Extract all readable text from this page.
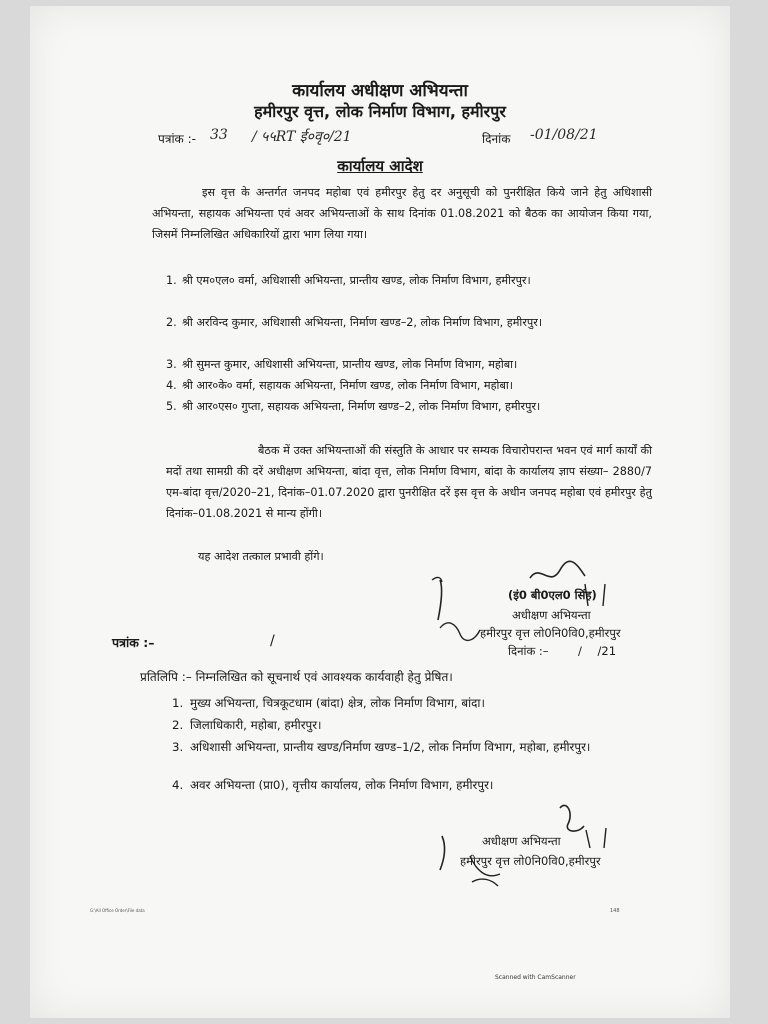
कार्यालय अधीक्षण अभियन्ता
हमीरपुर वृत्त, लोक निर्माण विभाग, हमीरपुर
पत्रांक :- 33 / ५५RT ई०वृ०/21	दिनांक -01/08/21
कार्यालय आदेश
इस वृत्त के अन्तर्गत जनपद महोबा एवं हमीरपुर हेतु दर अनुसूची को पुनरीक्षित किये जाने हेतु अधिशासी अभियन्ता, सहायक अभियन्ता एवं अवर अभियन्ताओं के साथ दिनांक 01.08.2021 को बैठक का आयोजन किया गया, जिसमें निम्नलिखित अधिकारियों द्वारा भाग लिया गया।
1. श्री एम०एल० वर्मा, अधिशासी अभियन्ता, प्रान्तीय खण्ड, लोक निर्माण विभाग, हमीरपुर।
2. श्री अरविन्द कुमार, अधिशासी अभियन्ता, निर्माण खण्ड–2, लोक निर्माण विभाग, हमीरपुर।
3. श्री सुमन्त कुमार, अधिशासी अभियन्ता, प्रान्तीय खण्ड, लोक निर्माण विभाग, महोबा।
4. श्री आर०के० वर्मा, सहायक अभियन्ता, निर्माण खण्ड, लोक निर्माण विभाग, महोबा।
5. श्री आर०एस० गुप्ता, सहायक अभियन्ता, निर्माण खण्ड–2, लोक निर्माण विभाग, हमीरपुर।
बैठक में उक्त अभियन्ताओं की संस्तुति के आधार पर सम्यक विचारोपरान्त भवन एवं मार्ग कार्यों की मदों तथा सामग्री की दरें अधीक्षण अभियन्ता, बांदा वृत्त, लोक निर्माण विभाग, बांदा के कार्यालय ज्ञाप संख्या– 2880/7 एम-बांदा वृत्त/2020–21, दिनांक–01.07.2020 द्वारा पुनरीक्षित दरें इस वृत्त के अधीन जनपद महोबा एवं हमीरपुर हेतु दिनांक–01.08.2021 से मान्य होंगी।
यह आदेश तत्काल प्रभावी होंगे।
(इं0 बी0एल0 सिंह)
अधीक्षण अभियन्ता
हमीरपुर वृत्त लो0नि0वि0,हमीरपुर
दिनांक :–	/ /21
पत्रांक :–	/
प्रतिलिपि :– निम्नलिखित को सूचनार्थ एवं आवश्यक कार्यवाही हेतु प्रेषित।
1. मुख्य अभियन्ता, चित्रकूटधाम (बांदा) क्षेत्र, लोक निर्माण विभाग, बांदा।
2. जिलाधिकारी, महोबा, हमीरपुर।
3. अधिशासी अभियन्ता, प्रान्तीय खण्ड/निर्माण खण्ड–1/2, लोक निर्माण विभाग, महोबा, हमीरपुर।
4. अवर अभियन्ता (प्रा0), वृत्तीय कार्यालय, लोक निर्माण विभाग, हमीरपुर।
अधीक्षण अभियन्ता
हमीरपुर वृत्त लो0नि0वि0,हमीरपुर
G:\All Office Order\File data	148
Scanned with CamScanner
